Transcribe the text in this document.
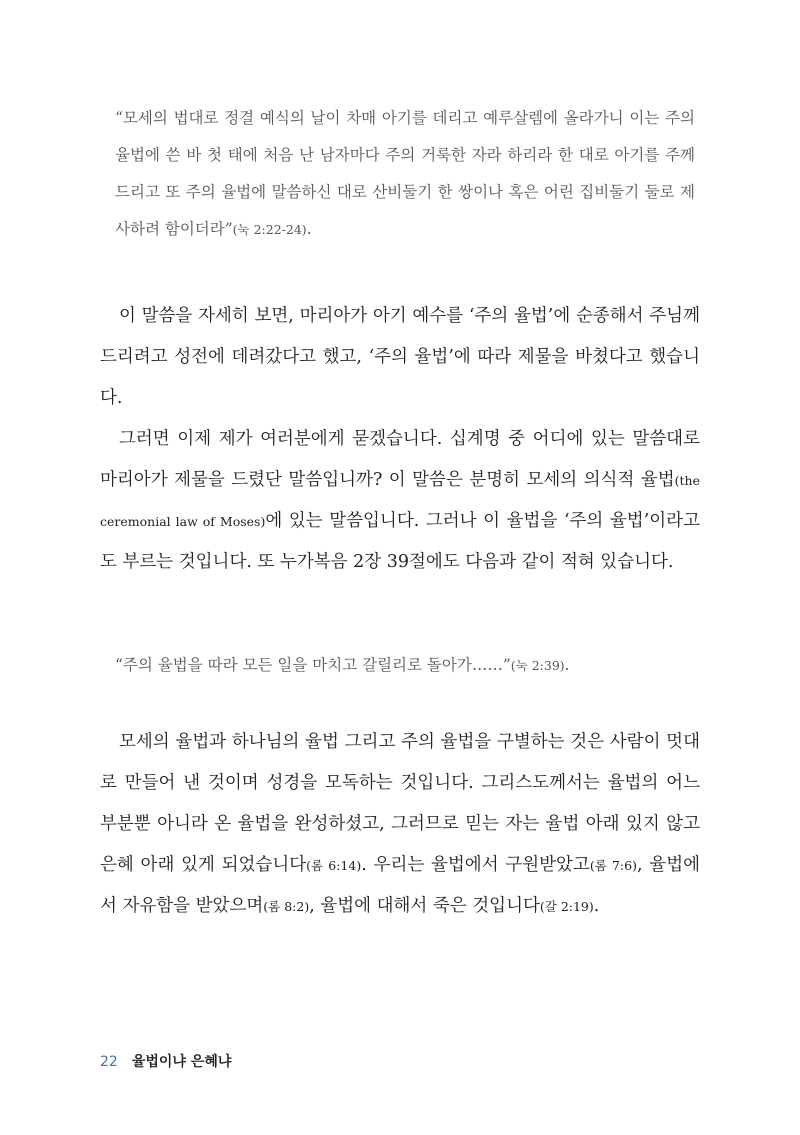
“모세의 법대로 정결 예식의 날이 차매 아기를 데리고 예루살렘에 올라가니 이는 주의 율법에 쓴 바 첫 태에 처음 난 남자마다 주의 거룩한 자라 하리라 한 대로 아기를 주께 드리고 또 주의 율법에 말씀하신 대로 산비둘기 한 쌍이나 혹은 어린 집비둘기 둘로 제사하려 함이더라”(눅 2:22-24).

이 말씀을 자세히 보면, 마리아가 아기 예수를 ‘주의 율법’에 순종해서 주님께 드리려고 성전에 데려갔다고 했고, ‘주의 율법’에 따라 제물을 바쳤다고 했습니다.

그러면 이제 제가 여러분에게 묻겠습니다. 십계명 중 어디에 있는 말씀대로 마리아가 제물을 드렸단 말씀입니까? 이 말씀은 분명히 모세의 의식적 율법(the ceremonial law of Moses)에 있는 말씀입니다. 그러나 이 율법을 ‘주의 율법’이라고도 부르는 것입니다. 또 누가복음 2장 39절에도 다음과 같이 적혀 있습니다.

“주의 율법을 따라 모든 일을 마치고 갈릴리로 돌아가……”(눅 2:39).

모세의 율법과 하나님의 율법 그리고 주의 율법을 구별하는 것은 사람이 멋대로 만들어 낸 것이며 성경을 모독하는 것입니다. 그리스도께서는 율법의 어느 부분뿐 아니라 온 율법을 완성하셨고, 그러므로 믿는 자는 율법 아래 있지 않고 은혜 아래 있게 되었습니다(롬 6:14). 우리는 율법에서 구원받았고(롬 7:6), 율법에서 자유함을 받았으며(롬 8:2), 율법에 대해서 죽은 것입니다(갈 2:19).

22 율법이냐 은혜냐
